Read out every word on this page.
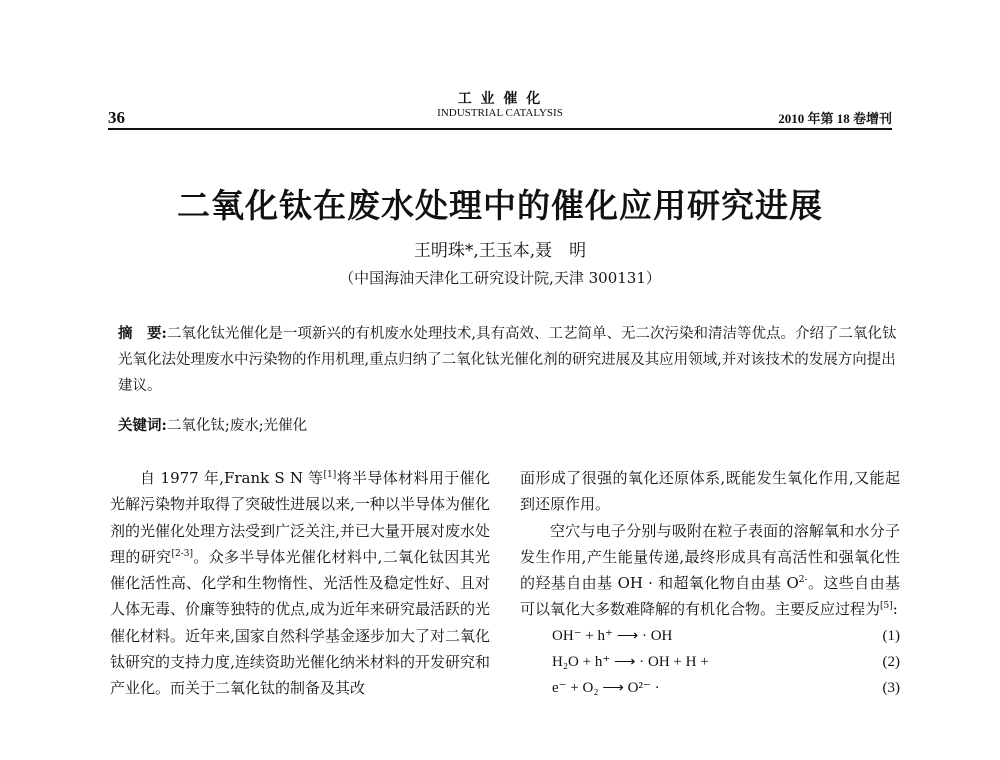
36
工 业 催 化
INDUSTRIAL CATALYSIS	2010 年第 18 卷增刊
二氧化钛在废水处理中的催化应用研究进展
王明珠*,王玉本,聂　明
（中国海油天津化工研究设计院,天津 300131）
摘　要:二氧化钛光催化是一项新兴的有机废水处理技术,具有高效、工艺简单、无二次污染和清洁等优点。介绍了二氧化钛光氧化法处理废水中污染物的作用机理,重点归纳了二氧化钛光催化剂的研究进展及其应用领域,并对该技术的发展方向提出建议。
关键词:二氧化钛;废水;光催化

自 1977 年,Frank S N 等[1]将半导体材料用于催化光解污染物并取得了突破性进展以来,一种以半导体为催化剂的光催化处理方法受到广泛关注,并已大量开展对废水处理的研究[2-3]。众多半导体光催化材料中,二氧化钛因其光催化活性高、化学和生物惰性、光活性及稳定性好、且对人体无毒、价廉等独特的优点,成为近年来研究最活跃的光催化材料。近年来,国家自然科学基金逐步加大了对二氧化钛研究的支持力度,连续资助光催化纳米材料的开发研究和产业化。而关于二氧化钛的制备及其改

面形成了很强的氧化还原体系,既能发生氧化作用,又能起到还原作用。

空穴与电子分别与吸附在粒子表面的溶解氧和水分子发生作用,产生能量传递,最终形成具有高活性和强氧化性的羟基自由基 OH · 和超氧化物自由基 $O^{2-}$。这些自由基可以氧化大多数难降解的有机化合物。主要反应过程为[5]:

OH⁻ + h⁺ ⟶ · OH	(1)
H₂O + h⁺ ⟶ · OH + H +	(2)
e⁻ + O₂ ⟶ O²⁻ ·	(3)
